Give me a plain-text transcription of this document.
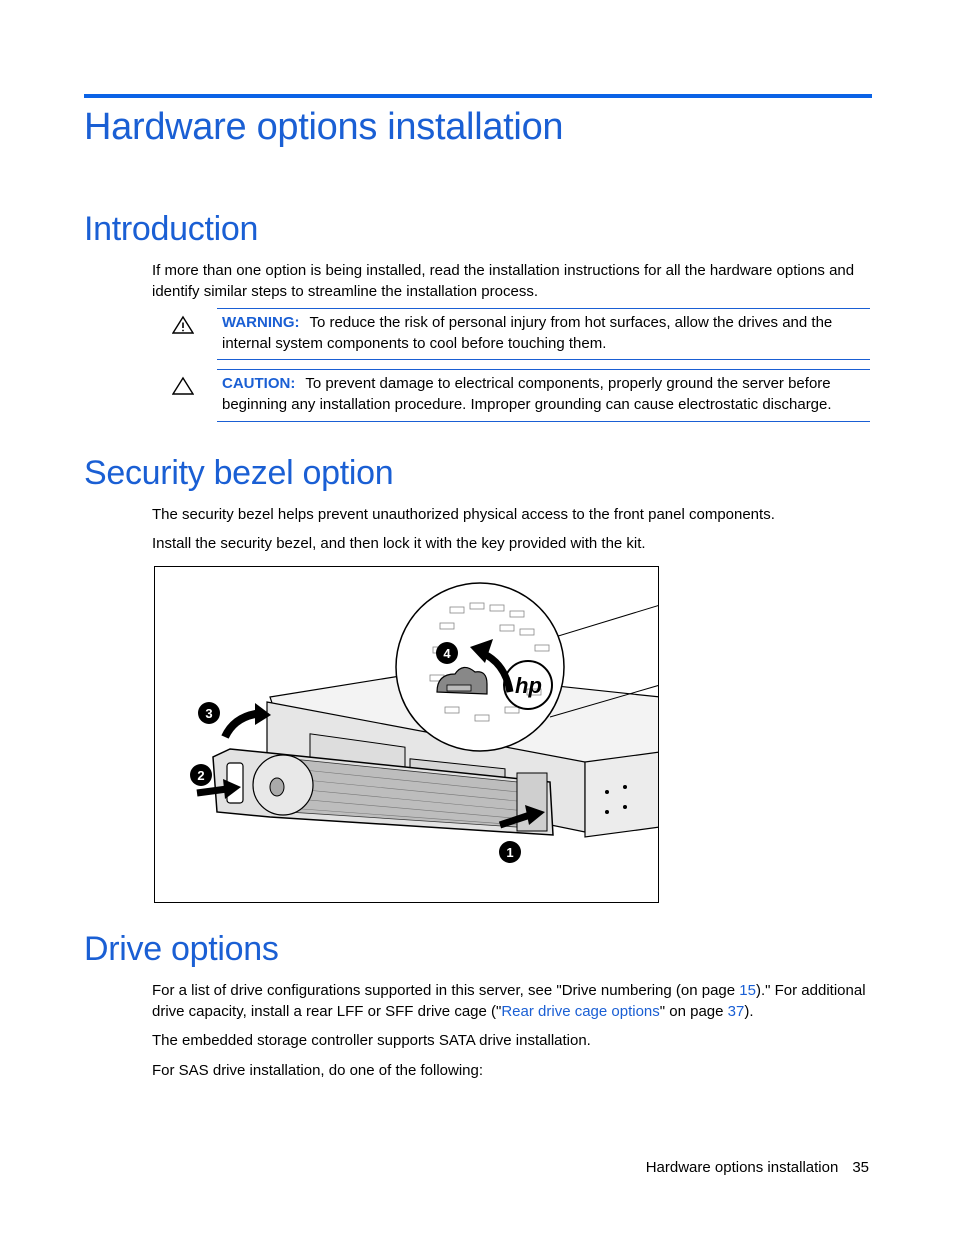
Hardware options installation
Introduction

If more than one option is being installed, read the installation instructions for all the hardware options and identify similar steps to streamline the installation process.

WARNING: To reduce the risk of personal injury from hot surfaces, allow the drives and the internal system components to cool before touching them.
CAUTION: To prevent damage to electrical components, properly ground the server before beginning any installation procedure. Improper grounding can cause electrostatic discharge.
Security bezel option

The security bezel helps prevent unauthorized physical access to the front panel components.

Install the security bezel, and then lock it with the key provided with the kit.

hp
1
2
3
4
Drive options

For a list of drive configurations supported in this server, see "Drive numbering (on page 15)." For additional drive capacity, install a rear LFF or SFF drive cage ("Rear drive cage options" on page 37).

The embedded storage controller supports SATA drive installation.

For SAS drive installation, do one of the following:

Hardware options installation 35
